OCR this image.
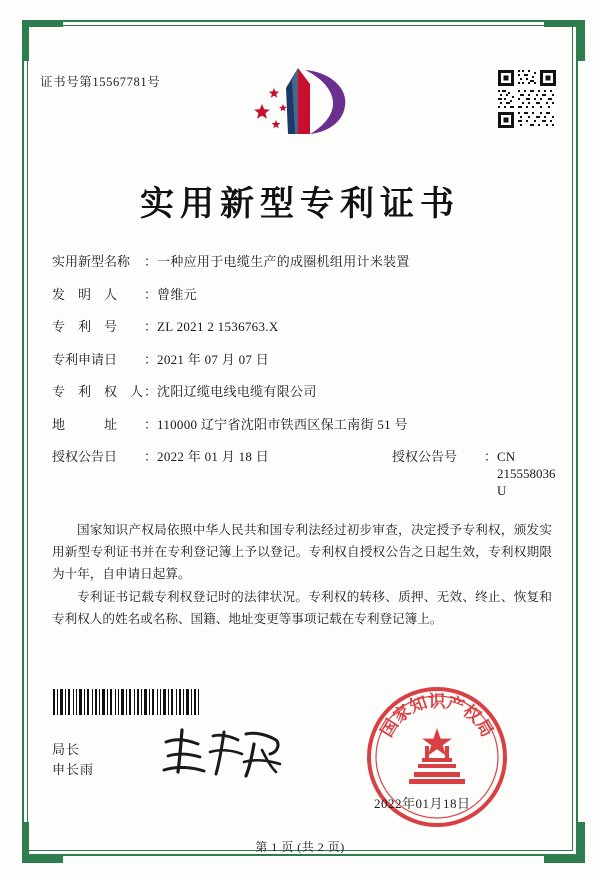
证书号第15567781号
实用新型专利证书
实用新型名称	： 一种应用于电缆生产的成圈机组用计米装置
发　明　人	： 曾维元
专　利　号	： ZL 2021 2 1536763.X
专利申请日	： 2021 年 07 月 07 日
专　利　权　人 ： 沈阳辽缆电线电缆有限公司
地　　　址	： 110000 辽宁省沈阳市铁西区保工南街 51 号
授权公告日	： 2022 年 01 月 18 日	授权公告号	： CN 215558036 U
国家知识产权局依照中华人民共和国专利法经过初步审查，决定授予专利权，颁发实用新型专利证书并在专利登记簿上予以登记。专利权自授权公告之日起生效，专利权期限为十年，自申请日起算。
专利证书记载专利权登记时的法律状况。专利权的转移、质押、无效、终止、恢复和专利权人的姓名或名称、国籍、地址变更等事项记载在专利登记簿上。
局长
申长雨
国家知识产权局
2022年01月18日
第 1 页 (共 2 页)
